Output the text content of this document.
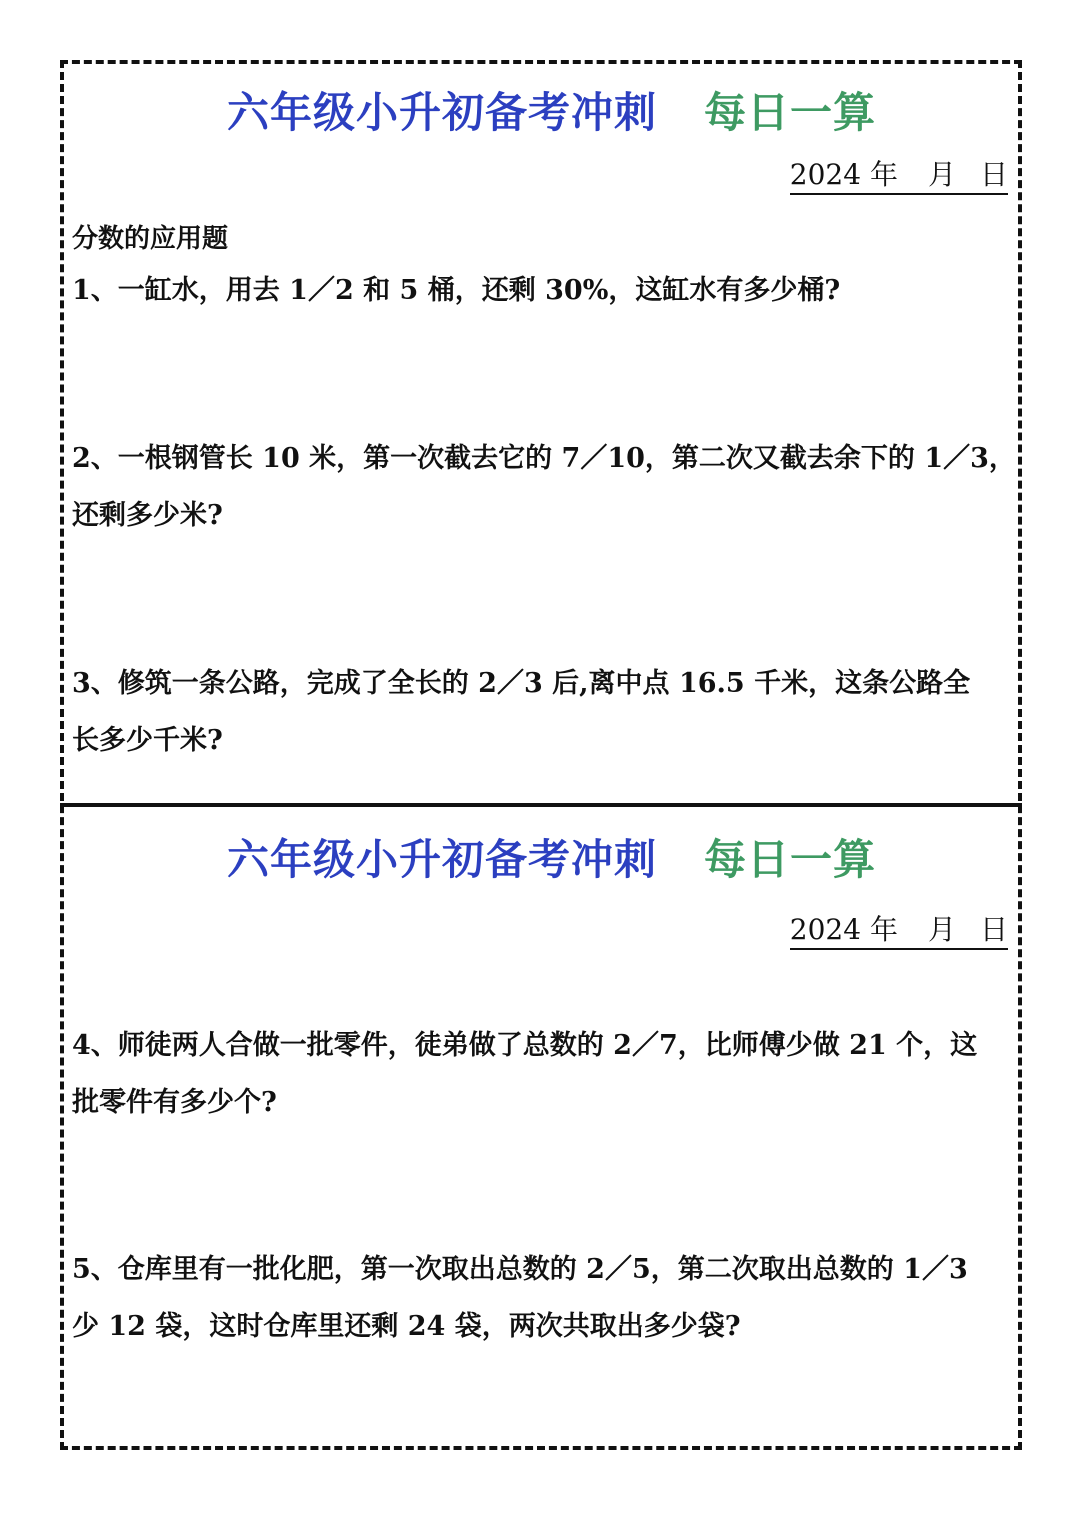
六年级小升初备考冲刺 每日一算
2024 年 月 日
分数的应用题
1、一缸水，用去 1／2 和 5 桶，还剩 30%，这缸水有多少桶?
2、一根钢管长 10 米，第一次截去它的 7／10，第二次又截去余下的 1／3，
还剩多少米?
3、修筑一条公路，完成了全长的 2／3 后,离中点 16.5 千米，这条公路全
长多少千米?
六年级小升初备考冲刺 每日一算
2024 年 月 日
4、师徒两人合做一批零件，徒弟做了总数的 2／7，比师傅少做 21 个，这
批零件有多少个?
5、仓库里有一批化肥，第一次取出总数的 2／5，第二次取出总数的 1／3
少 12 袋，这时仓库里还剩 24 袋，两次共取出多少袋?
